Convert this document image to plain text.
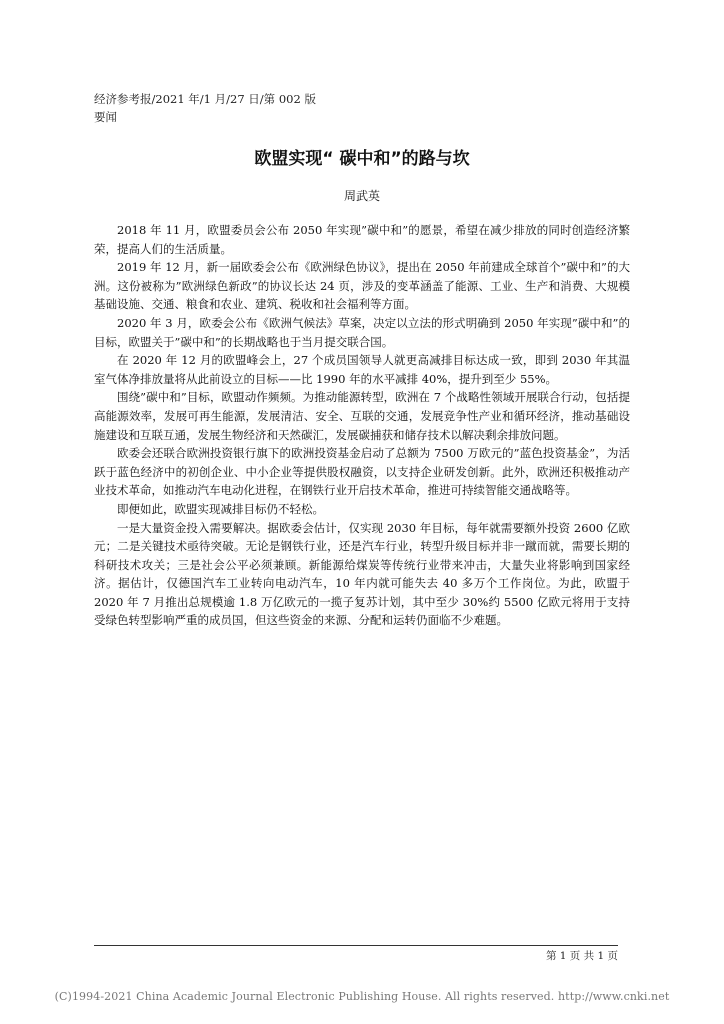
经济参考报/2021 年/1 月/27 日/第 002 版
要闻
欧盟实现“ 碳中和”的路与坎
周武英

2018 年 11 月，欧盟委员会公布 2050 年实现”碳中和”的愿景，希望在减少排放的同时创造经济繁荣，提高人们的生活质量。

2019 年 12 月，新一届欧委会公布《欧洲绿色协议》，提出在 2050 年前建成全球首个”碳中和”的大洲。这份被称为”欧洲绿色新政”的协议长达 24 页，涉及的变革涵盖了能源、工业、生产和消费、大规模基础设施、交通、粮食和农业、建筑、税收和社会福利等方面。

2020 年 3 月，欧委会公布《欧洲气候法》草案，决定以立法的形式明确到 2050 年实现”碳中和”的目标，欧盟关于”碳中和”的长期战略也于当月提交联合国。

在 2020 年 12 月的欧盟峰会上，27 个成员国领导人就更高减排目标达成一致，即到 2030 年其温室气体净排放量将从此前设立的目标——比 1990 年的水平减排 40%，提升到至少 55%。

围绕”碳中和”目标，欧盟动作频频。为推动能源转型，欧洲在 7 个战略性领域开展联合行动，包括提高能源效率，发展可再生能源，发展清洁、安全、互联的交通，发展竞争性产业和循环经济，推动基础设施建设和互联互通，发展生物经济和天然碳汇，发展碳捕获和储存技术以解决剩余排放问题。

欧委会还联合欧洲投资银行旗下的欧洲投资基金启动了总额为 7500 万欧元的”蓝色投资基金”，为活跃于蓝色经济中的初创企业、中小企业等提供股权融资，以支持企业研发创新。此外，欧洲还积极推动产业技术革命，如推动汽车电动化进程，在钢铁行业开启技术革命，推进可持续智能交通战略等。

即便如此，欧盟实现减排目标仍不轻松。

一是大量资金投入需要解决。据欧委会估计，仅实现 2030 年目标，每年就需要额外投资 2600 亿欧元；二是关键技术亟待突破。无论是钢铁行业，还是汽车行业，转型升级目标并非一蹴而就，需要长期的科研技术攻关；三是社会公平必须兼顾。新能源给煤炭等传统行业带来冲击，大量失业将影响到国家经济。据估计，仅德国汽车工业转向电动汽车，10 年内就可能失去 40 多万个工作岗位。为此，欧盟于 2020 年 7 月推出总规模逾 1.8 万亿欧元的一揽子复苏计划，其中至少 30%约 5500 亿欧元将用于支持受绿色转型影响严重的成员国，但这些资金的来源、分配和运转仍面临不少难题。

第 1 页 共 1 页
(C)1994-2021 China Academic Journal Electronic Publishing House. All rights reserved. http://www.cnki.net
